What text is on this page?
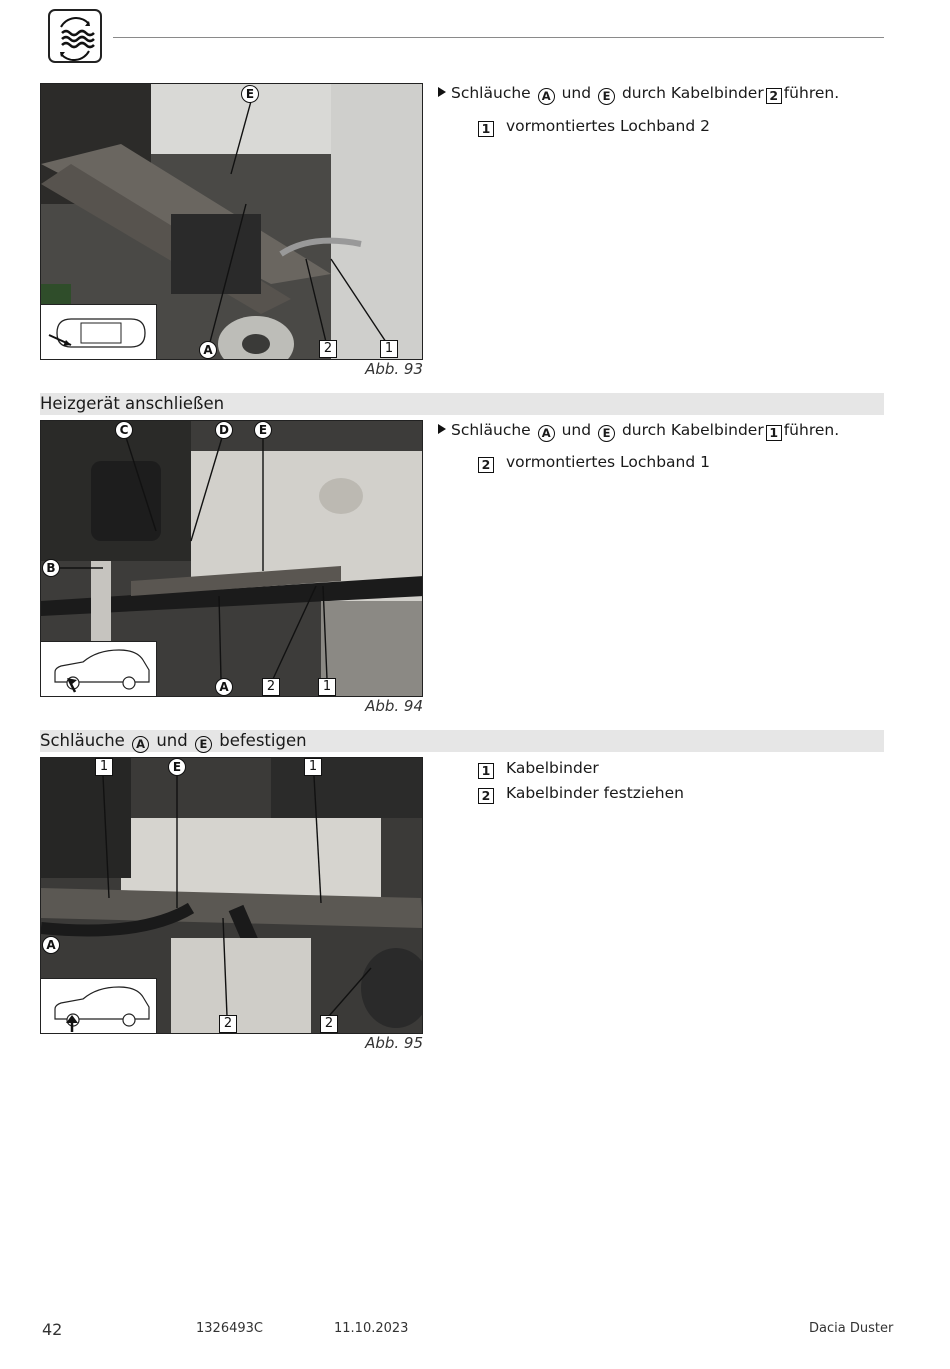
E
A	2	1
Abb. 93
Schläuche A und E durch Kabelbinder 2 führen.
1 vormontiertes Lochband 2
Heizgerät anschließen
C	D	E
B
A	2	1
Abb. 94
Schläuche A und E durch Kabelbinder 1 führen.
2 vormontiertes Lochband 1
Schläuche A und E befestigen
1	E	1
A
2	2
Abb. 95
1 Kabelbinder
2 Kabelbinder festziehen
42	1326493C	11.10.2023	Dacia Duster
